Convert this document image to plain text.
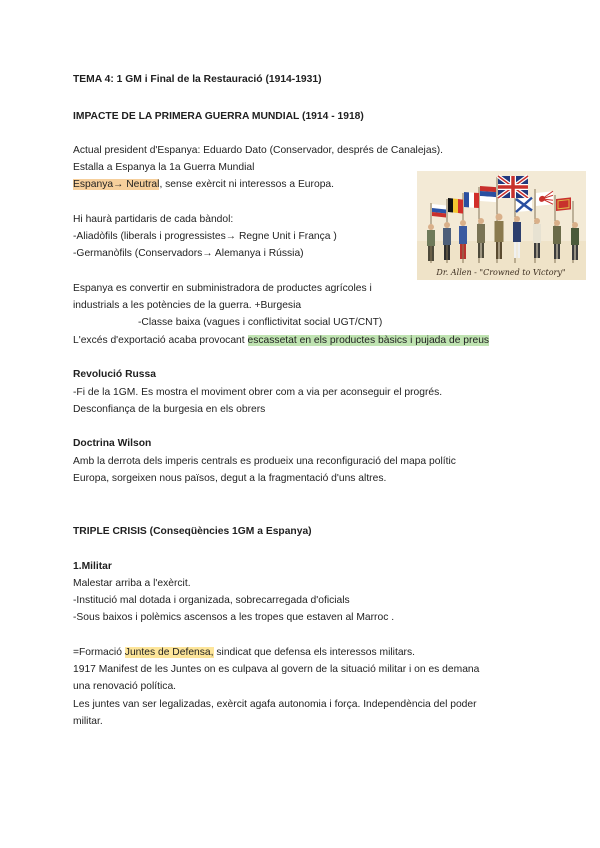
TEMA 4: 1 GM i Final de la Restauració (1914-1931)
IMPACTE DE LA PRIMERA GUERRA MUNDIAL (1914 - 1918)
Actual president d'Espanya: Eduardo Dato (Conservador, després de Canalejas).
Estalla a Espanya la 1a Guerra Mundial
Espanya→ Neutral, sense exèrcit ni interessos a Europa.
Hi haurà partidaris de cada bàndol:
-Aliadòfils (liberals i progressistes→ Regne Unit i França )
-Germanòfils (Conservadors→ Alemanya i Rússia)
Espanya es convertir en subministradora de productes agrícoles i
industrials a les potències de la guerra. +Burgesia
-Classe baixa (vagues i conflictivitat social UGT/CNT)
L'excés d'exportació acaba provocant escassetat en els productes bàsics i pujada de preus
Dr. Allen - "Crowned to Victory"
Revolució Russa
-Fi de la 1GM. Es mostra el moviment obrer com a via per aconseguir el progrés.
Desconfiança de la burgesia en els obrers
Doctrina Wilson
Amb la derrota dels imperis centrals es produeix una reconfiguració del mapa polític
Europa, sorgeixen nous països, degut a la fragmentació d'uns altres.
TRIPLE CRISIS (Conseqüències 1GM a Espanya)
1.Militar
Malestar arriba a l'exèrcit.
-Institució mal dotada i organizada, sobrecarregada d'oficials
-Sous baixos i polèmics ascensos a les tropes que estaven al Marroc .
=Formació Juntes de Defensa, sindicat que defensa els interessos militars.
1917 Manifest de les Juntes on es culpava al govern de la situació militar i on es demana
una renovació política.
Les juntes van ser legalizadas, exèrcit agafa autonomia i força. Independència del poder
militar.
